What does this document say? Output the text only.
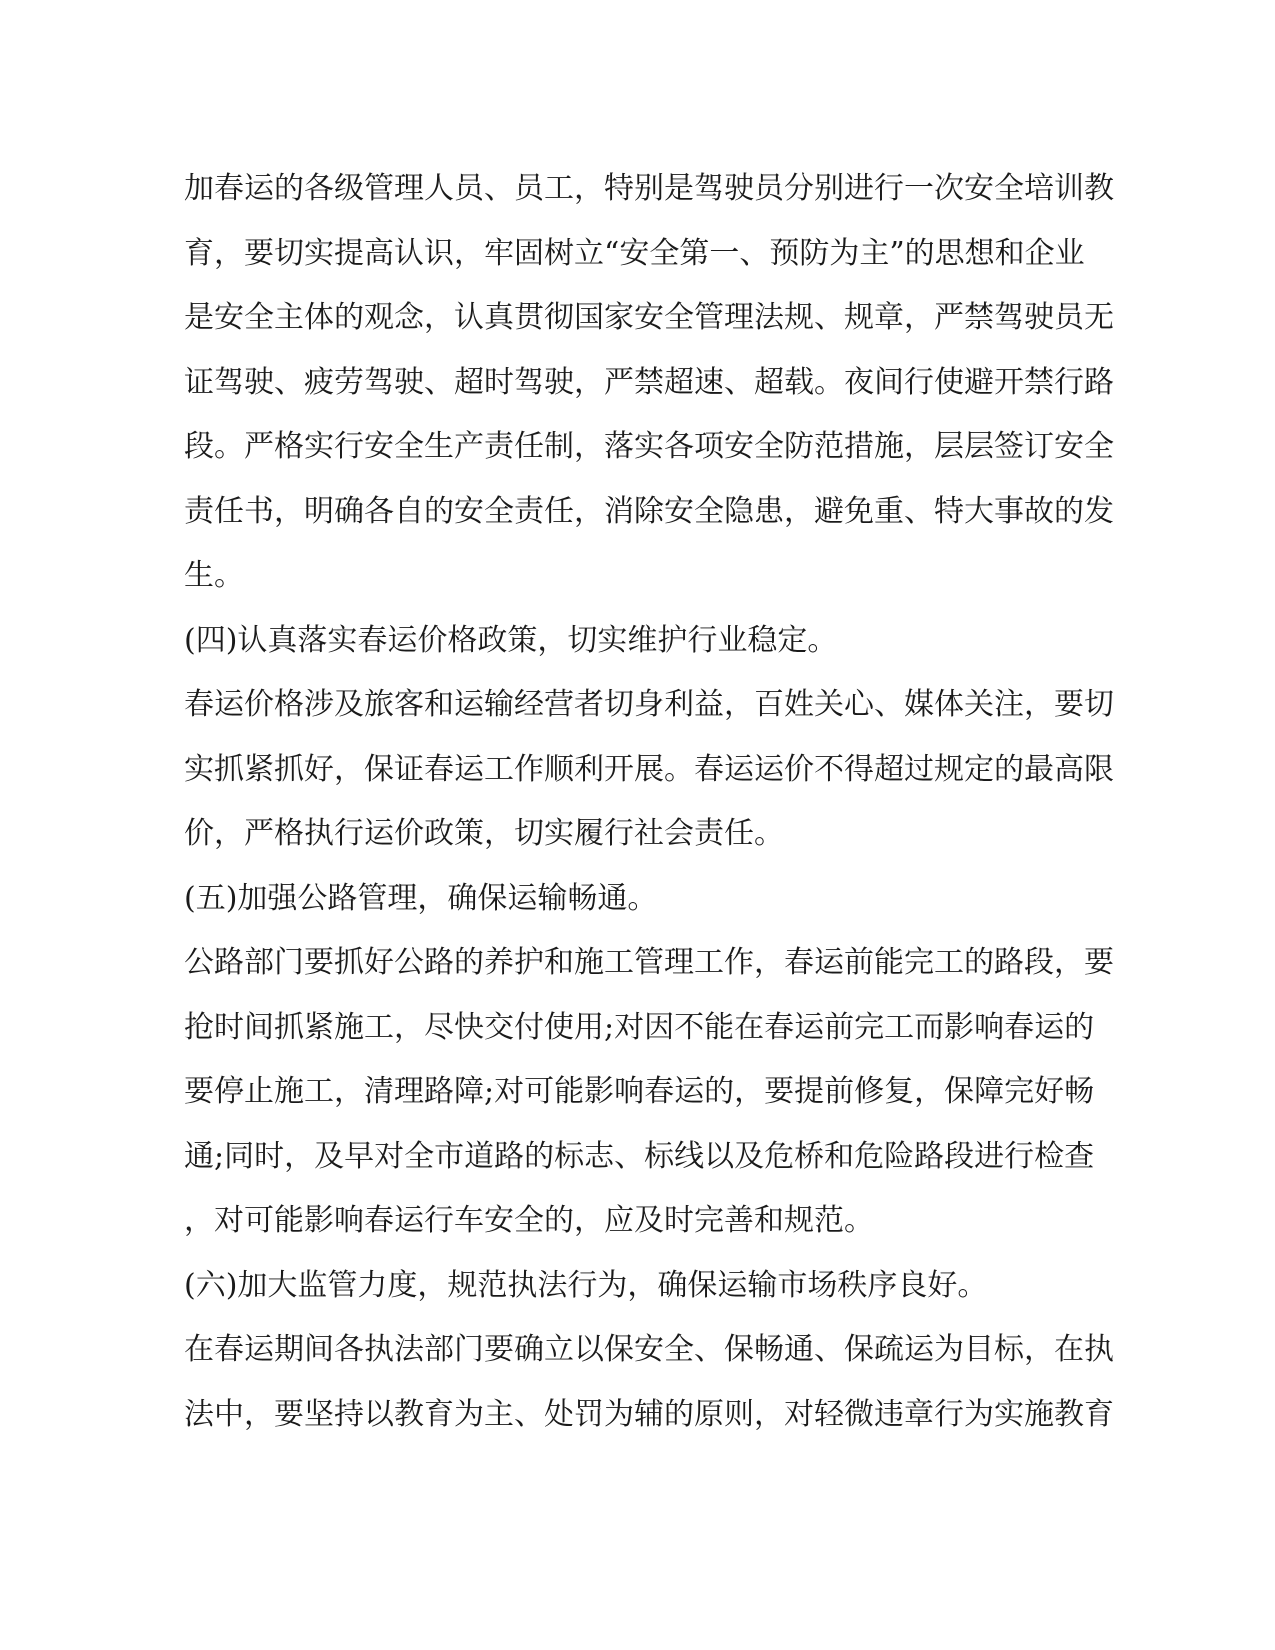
加春运的各级管理人员、员工，特别是驾驶员分别进行一次安全培训教
育，要切实提高认识，牢固树立“安全第一、预防为主”的思想和企业
是安全主体的观念，认真贯彻国家安全管理法规、规章，严禁驾驶员无
证驾驶、疲劳驾驶、超时驾驶，严禁超速、超载。夜间行使避开禁行路
段。严格实行安全生产责任制，落实各项安全防范措施，层层签订安全
责任书，明确各自的安全责任，消除安全隐患，避免重、特大事故的发
生。
(四)认真落实春运价格政策，切实维护行业稳定。
春运价格涉及旅客和运输经营者切身利益，百姓关心、媒体关注，要切
实抓紧抓好，保证春运工作顺利开展。春运运价不得超过规定的最高限
价，严格执行运价政策，切实履行社会责任。
(五)加强公路管理，确保运输畅通。
公路部门要抓好公路的养护和施工管理工作，春运前能完工的路段，要
抢时间抓紧施工，尽快交付使用;对因不能在春运前完工而影响春运的
要停止施工，清理路障;对可能影响春运的，要提前修复，保障完好畅
通;同时，及早对全市道路的标志、标线以及危桥和危险路段进行检查
，对可能影响春运行车安全的，应及时完善和规范。
(六)加大监管力度，规范执法行为，确保运输市场秩序良好。
在春运期间各执法部门要确立以保安全、保畅通、保疏运为目标，在执
法中，要坚持以教育为主、处罚为辅的原则，对轻微违章行为实施教育
